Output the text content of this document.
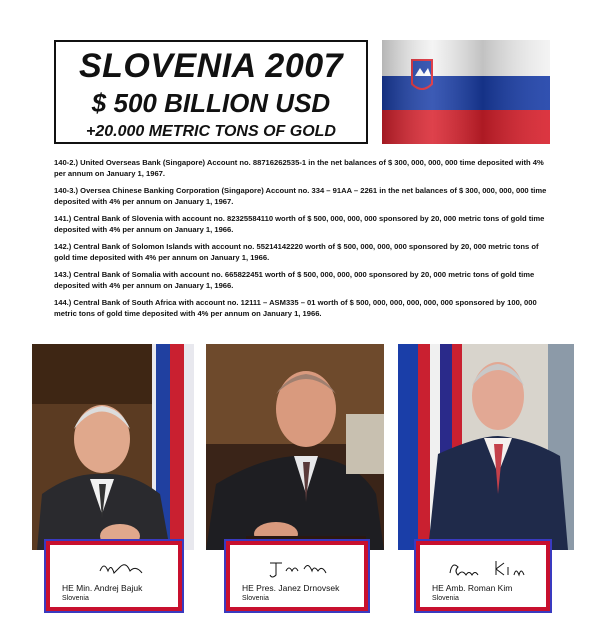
SLOVENIA 2007
$ 500 BILLION USD
+20.000 METRIC TONS OF GOLD

140-2.) United Overseas Bank (Singapore) Account no. 88716262535-1 in the net balances of $ 300, 000, 000, 000 time deposited with 4% per annum on January 1, 1967.

140-3.) Oversea Chinese Banking Corporation (Singapore) Account no. 334 – 91AA – 2261 in the net balances of $ 300, 000, 000, 000 time deposited with 4% per annum on January 1, 1967.

141.) Central Bank of Slovenia with account no. 82325584110 worth of $ 500, 000, 000, 000 sponsored by 20, 000 metric tons of gold time deposited with 4% per annum on January 1, 1966.

142.) Central Bank of Solomon Islands with account no. 55214142220 worth of $ 500, 000, 000, 000 sponsored by 20, 000 metric tons of gold time deposited with 4% per annum on January 1, 1966.

143.) Central Bank of Somalia with account no. 665822451 worth of $ 500, 000, 000, 000 sponsored by 20, 000 metric tons of gold time deposited with 4% per annum on January 1, 1966.

144.) Central Bank of South Africa with account no. 12111 – ASM335 – 01 worth of $ 500, 000, 000, 000, 000, 000 sponsored by 100, 000 metric tons of gold time deposited with 4% per annum on January 1, 1966.

HE Min. Andrej Bajuk
Slovenia
HE Pres. Janez Drnovsek
Slovenia
HE Amb. Roman Kim
Slovenia
